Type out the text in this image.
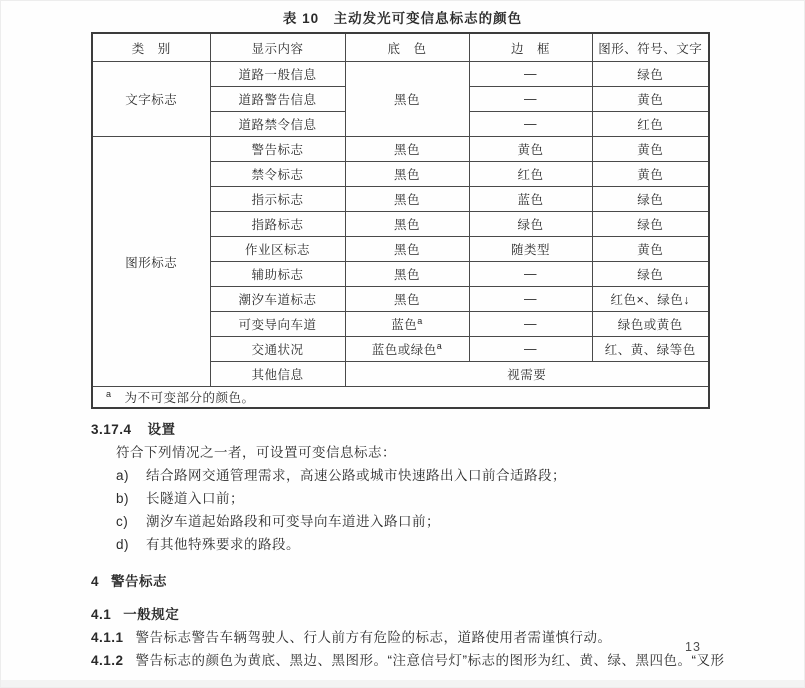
表 10　主动发光可变信息标志的颜色
类　别	显示内容	底　色	边　框	图形、符号、文字
文字标志	道路一般信息	黑色	—	绿色
	道路警告信息		—	黄色
	道路禁令信息		—	红色
图形标志	警告标志	黑色	黄色	黄色
	禁令标志	黑色	红色	黄色
	指示标志	黑色	蓝色	绿色
	指路标志	黑色	绿色	绿色
	作业区标志	黑色	随类型	黄色
	辅助标志	黑色	—	绿色
	潮汐车道标志	黑色	—	红色×、绿色↓
	可变导向车道	蓝色$^a$	—	绿色或黄色
	交通状况	蓝色或绿色$^a$	—	红、黄、绿等色
	其他信息	视需要		
$^a$　 为不可变部分的颜色。				
3.17.4 设置
符合下列情况之一者，可设置可变信息标志：
a) 结合路网交通管理需求，高速公路或城市快速路出入口前合适路段；
b) 长隧道入口前；
c) 潮汐车道起始路段和可变导向车道进入路口前；
d) 有其他特殊要求的路段。
4 警告标志
4.1 一般规定
4.1.1 警告标志警告车辆驾驶人、行人前方有危险的标志，道路使用者需谨慎行动。
4.1.2 警告标志的颜色为黄底、黑边、黑图形。“注意信号灯”标志的图形为红、黄、绿、黑四色。“叉形
13
